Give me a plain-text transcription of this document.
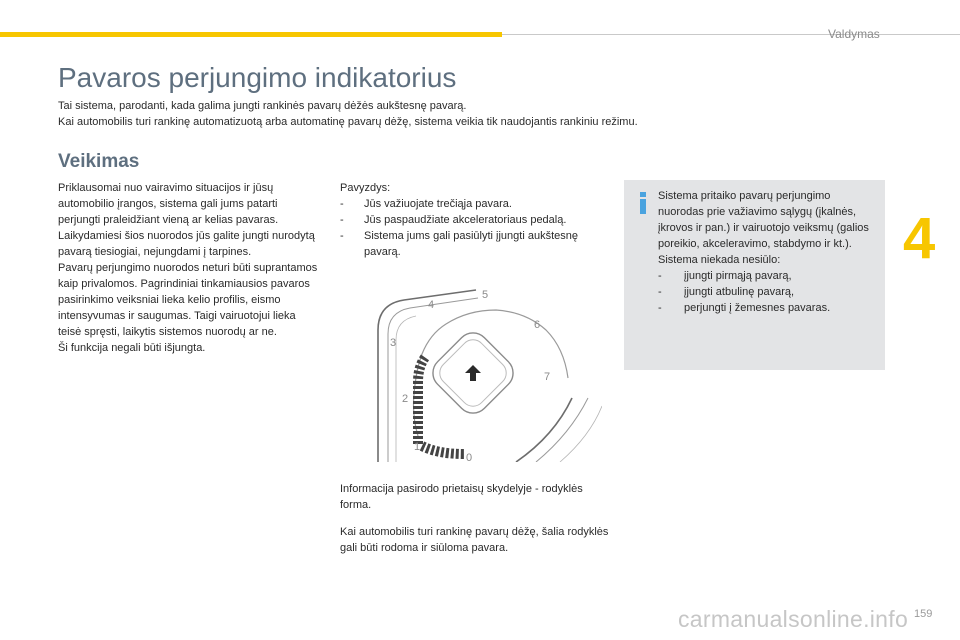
Valdymas
4
Pavaros perjungimo indikatorius

Tai sistema, parodanti, kada galima jungti rankinės pavarų dėžės aukštesnę pavarą.

Kai automobilis turi rankinę automatizuotą arba automatinę pavarų dėžę, sistema veikia tik naudojantis rankiniu režimu.

Veikimas

Priklausomai nuo vairavimo situacijos ir jūsų automobilio įrangos, sistema gali jums patarti perjungti praleidžiant vieną ar kelias pavaras.

Laikydamiesi šios nuorodos jūs galite jungti nurodytą pavarą tiesiogiai, nejungdami į tarpines.

Pavarų perjungimo nuorodos neturi būti suprantamos kaip privalomos. Pagrindiniai tinkamiausios pavaros pasirinkimo veiksniai lieka kelio profilis, eismo intensyvumas ir saugumas. Taigi vairuotojui lieka teisė spręsti, laikytis sistemos nuorodų ar ne.

Ši funkcija negali būti išjungta.

Pavyzdys:

- Jūs važiuojate trečiąja pavara.
- Jūs paspaudžiate akceleratoriaus pedalą.
- Sistema jums gali pasiūlyti įjungti aukštesnę pavarą.
0
1
2
3
4
5
6
7

Informacija pasirodo prietaisų skydelyje - rodyklės forma.

Kai automobilis turi rankinę pavarų dėžę, šalia rodyklės gali būti rodoma ir siūloma pavara.

Sistema pritaiko pavarų perjungimo nuorodas prie važiavimo sąlygų (įkalnės, įkrovos ir pan.) ir vairuotojo veiksmų (galios poreikio, akceleravimo, stabdymo ir kt.).

Sistema niekada nesiūlo:

- įjungti pirmąją pavarą,
- įjungti atbulinę pavarą,
- perjungti į žemesnes pavaras.
159
carmanualsonline.info
